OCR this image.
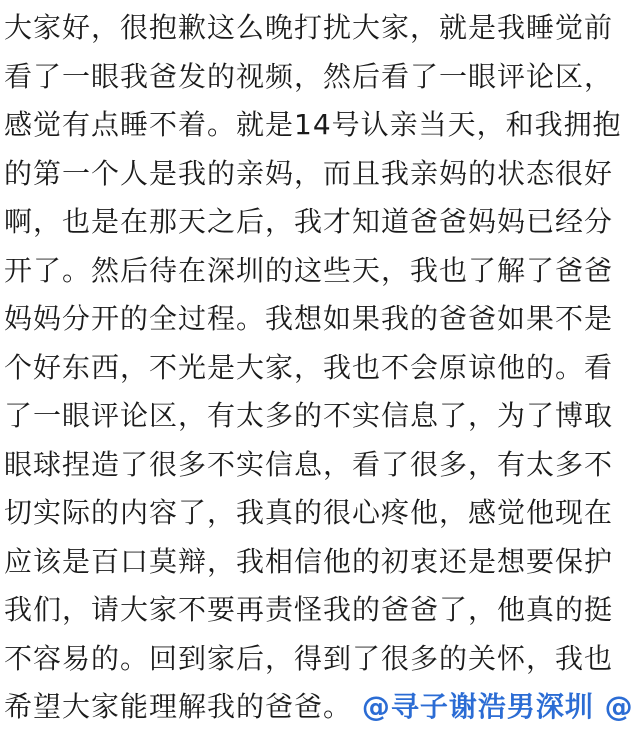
大家好，很抱歉这么晚打扰大家，就是我睡觉前
看了一眼我爸发的视频，然后看了一眼评论区，
感觉有点睡不着。就是14号认亲当天，和我拥抱
的第一个人是我的亲妈，而且我亲妈的状态很好
啊，也是在那天之后，我才知道爸爸妈妈已经分
开了。然后待在深圳的这些天，我也了解了爸爸
妈妈分开的全过程。我想如果我的爸爸如果不是
个好东西，不光是大家，我也不会原谅他的。看
了一眼评论区，有太多的不实信息了，为了博取
眼球捏造了很多不实信息，看了很多，有太多不
切实际的内容了，我真的很心疼他，感觉他现在
应该是百口莫辩，我相信他的初衷还是想要保护
我们，请大家不要再责怪我的爸爸了，他真的挺
不容易的。回到家后，得到了很多的关怀，我也
希望大家能理解我的爸爸。 @寻子谢浩男深圳 @
